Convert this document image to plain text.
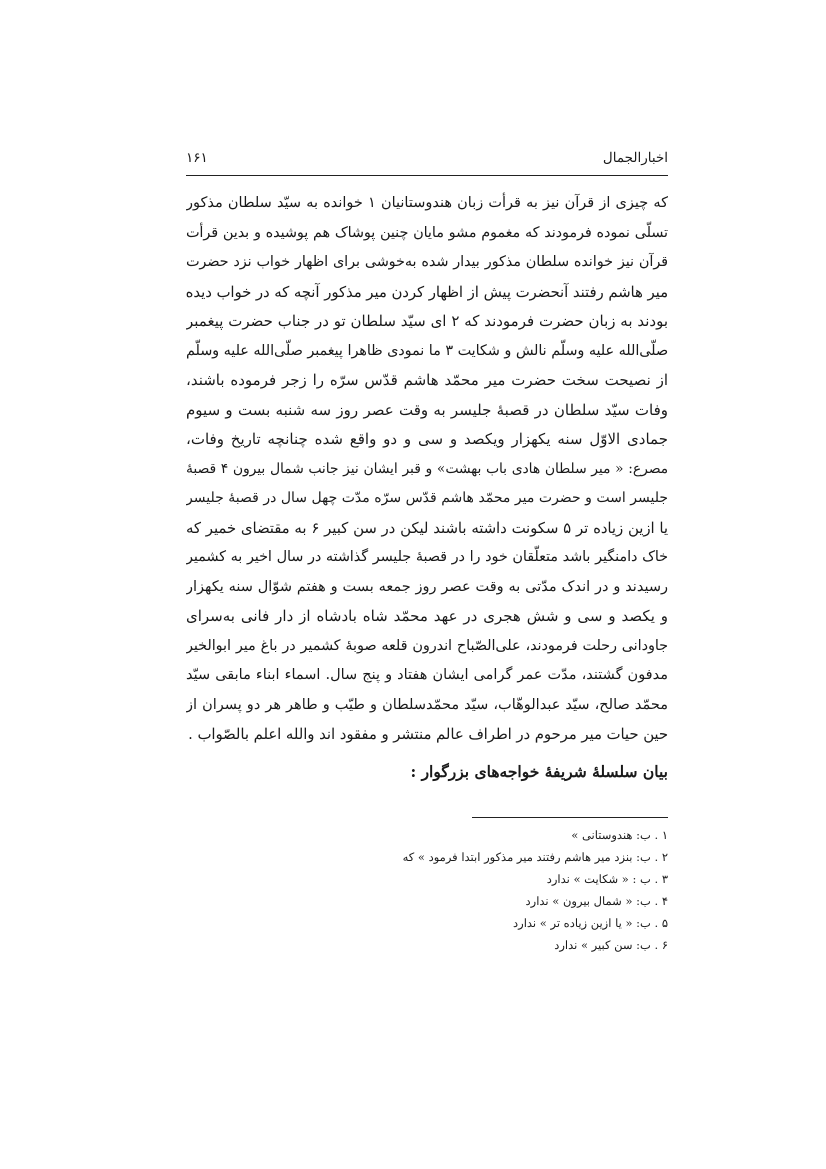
اخبارالجمال
۱۶۱
که چیزی از قرآن نیز به قرأت زبان هندوستانیان ۱ خوانده به سیّد سلطان مذکور
تسلّی نموده فرمودند که مغموم مشو مایان چنین پوشاک هم پوشیده و بدین قرأت
قرآن نیز خوانده سلطان مذکور بیدار شده به‌خوشی برای اظهار خواب نزد حضرت
میر هاشم رفتند آنحضرت پیش از اظهار کردن میر مذکور آنچه که در خواب دیده
بودند به زبان حضرت فرمودند که ۲ ای سیّد سلطان تو در جناب حضرت پیغمبر
صلّی‌الله علیه وسلّم نالش و شکایت ۳ ما نمودی ظاهرا پیغمبر صلّی‌الله علیه وسلّم
از نصیحت سخت حضرت میر محمّد هاشم قدّس سرّه را زجر فرموده باشند،
وفات سیّد سلطان در قصبهٔ جلیسر به وقت عصر روز سه شنبه بست و سیوم
جمادی الاوّل سنه یکهزار ویکصد و سی و دو واقع شده چنانچه تاریخ وفات،
مصرع: « میر سلطان هادی باب بهشت» و قبر ایشان نیز جانب شمال بیرون ۴ قصبهٔ
جلیسر است و حضرت میر محمّد هاشم قدّس سرّه مدّت چهل سال در قصبهٔ جلیسر
یا ازین زیاده تر ۵ سکونت داشته باشند لیکن در سن کبیر ۶ به مقتضای خمیر که
خاک دامنگیر باشد متعلّقان خود را در قصبهٔ جلیسر گذاشته در سال اخیر به کشمیر
رسیدند و در اندک مدّتی به وقت عصر روز جمعه بست و هفتم شوّال سنه یکهزار
و یکصد و سی و شش هجری در عهد محمّد شاه بادشاه از دار فانی به‌سرای
جاودانی رحلت فرمودند، علی‌الصّباح اندرون قلعه صوبهٔ کشمیر در باغ میر ابوالخیر
مدفون گشتند، مدّت عمر گرامی ایشان هفتاد و پنج سال. اسماء ابناء مابقی سیّد
محمّد صالح، سیّد عبدالوهّاب، سیّد محمّدسلطان و طیّب و طاهر هر دو پسران از
حین حیات میر مرحوم در اطراف عالم منتشر و مفقود اند والله اعلم بالصّواب .
بیان سلسلهٔ شریفهٔ خواجه‌های بزرگوار :
۱ . ب: هندوستانی »
۲ . ب: بنزد میر هاشم رفتند میر مذکور ابتدا فرمود » که
۳ . ب : « شکایت » ندارد
۴ . ب: « شمال بیرون » ندارد
۵ . ب: « یا ازین زیاده تر » ندارد
۶ . ب: سن کبیر » ندارد
